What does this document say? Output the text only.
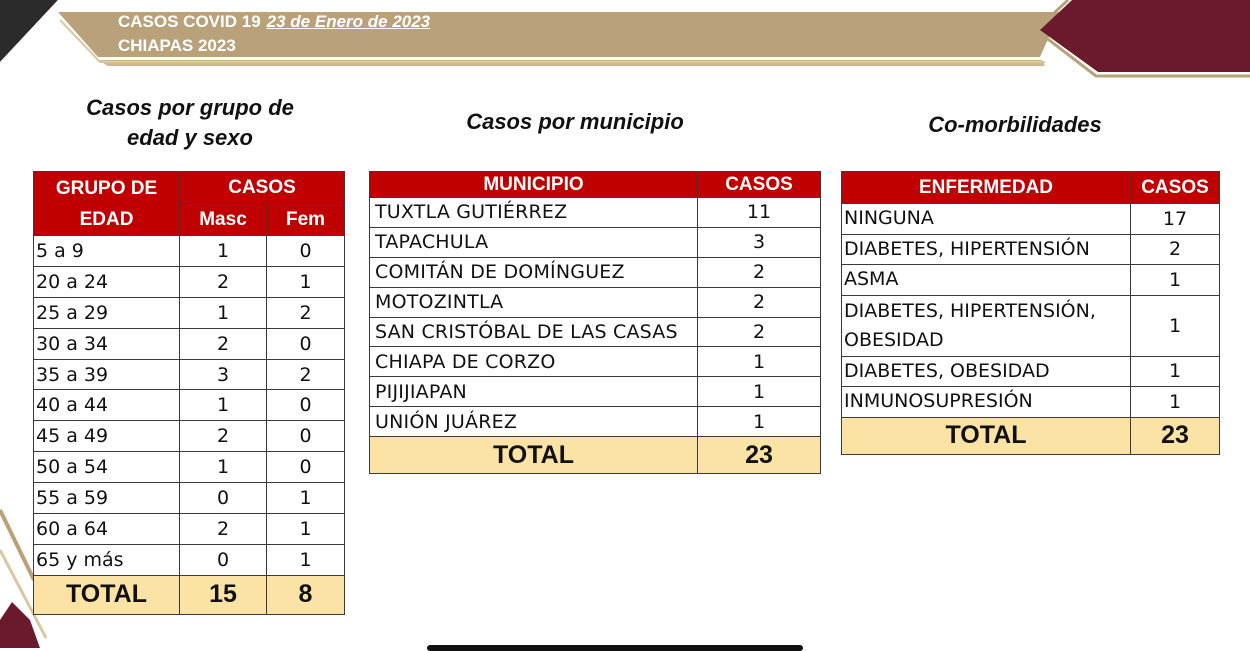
CASOS COVID 19 23 de Enero de 2023
CHIAPAS 2023
Casos por grupo de
edad y sexo
Casos por municipio	Co-morbilidades
GRUPO DE
EDAD	CASOS	
	Masc	Fem
5 a 9	1	0
20 a 24	2	1
25 a 29	1	2
30 a 34	2	0
35 a 39	3	2
40 a 44	1	0
45 a 49	2	0
50 a 54	1	0
55 a 59	0	1
60 a 64	2	1
65 y más	0	1
TOTAL	15	8
MUNICIPIO	CASOS
TUXTLA GUTIÉRREZ	11
TAPACHULA	3
COMITÁN DE DOMÍNGUEZ	2
MOTOZINTLA	2
SAN CRISTÓBAL DE LAS CASAS	2
CHIAPA DE CORZO	1
PIJIJIAPAN	1
UNIÓN JUÁREZ	1
TOTAL	23
ENFERMEDAD	CASOS
NINGUNA	17
DIABETES, HIPERTENSIÓN	2
ASMA	1
DIABETES, HIPERTENSIÓN, OBESIDAD	1
DIABETES, OBESIDAD	1
INMUNOSUPRESIÓN	1
TOTAL	23
